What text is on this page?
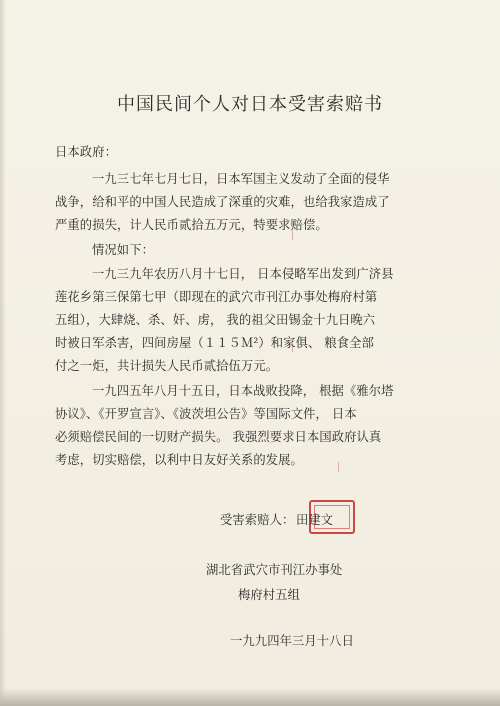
中国民间个人对日本受害索赔书
日本政府：
一九三七年七月七日，日本军国主义发动了全面的侵华
战争，给和平的中国人民造成了深重的灾难，也给我家造成了
严重的损失，计人民币贰拾五万元，特要求赔偿。
情况如下：
一九三九年农历八月十七日， 日本侵略军出发到广济县
莲花乡第三保第七甲（即现在的武穴市刊江办事处梅府村第
五组），大肆烧、杀、奸、虏， 我的祖父田锡金十九日晚六
时被日军杀害，四间房屋（１１５Ｍ²）和家俱、 粮食全部
付之一炬，共计损失人民币贰拾伍万元。
一九四五年八月十五日，日本战败投降， 根据《雅尔塔
协议》、《开罗宣言》、《波茨坦公告》等国际文件， 日本
必须赔偿民间的一切财产损失。 我强烈要求日本国政府认真
考虑，切实赔偿，以利中日友好关系的发展。
受害索赔人： 田建文
湖北省武穴市刊江办事处
梅府村五组
一九九四年三月十八日
